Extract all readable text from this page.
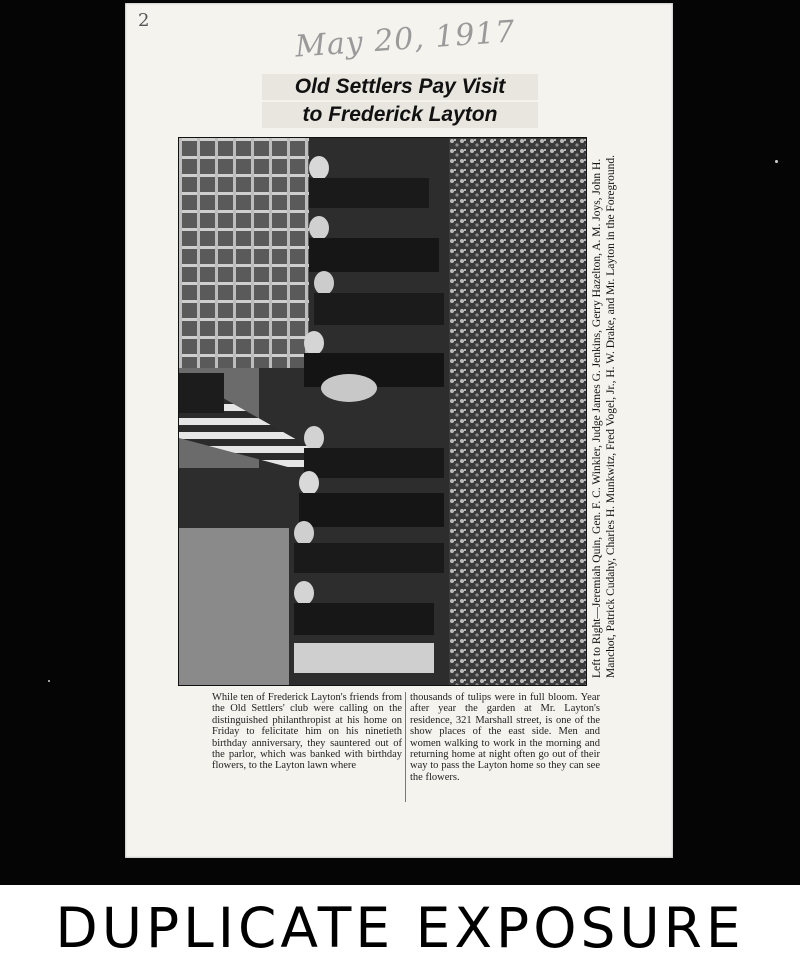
2	May 20, 1917
Old Settlers Pay Visit
to Frederick Layton
Left to Right—Jeremiah Quin, Gen. F. C. Winkler, Judge James G. Jenkins, Gerry Hazelton, A. M. Joys, John H. Manchot, Patrick Cudahy, Charles H. Munkwitz, Fred Vogel, Jr., H. W. Drake, and Mr. Layton in the Foreground.
While ten of Frederick Layton's friends from the Old Settlers' club were calling on the distinguished philanthropist at his home on Friday to felicitate him on his ninetieth birthday anniversary, they sauntered out of the parlor, which was banked with birthday flowers, to the Layton lawn where
thousands of tulips were in full bloom. Year after year the garden at Mr. Layton's residence, 321 Marshall street, is one of the show places of the east side. Men and women walking to work in the morning and returning home at night often go out of their way to pass the Layton home so they can see the flowers.
DUPLICATE EXPOSURE
